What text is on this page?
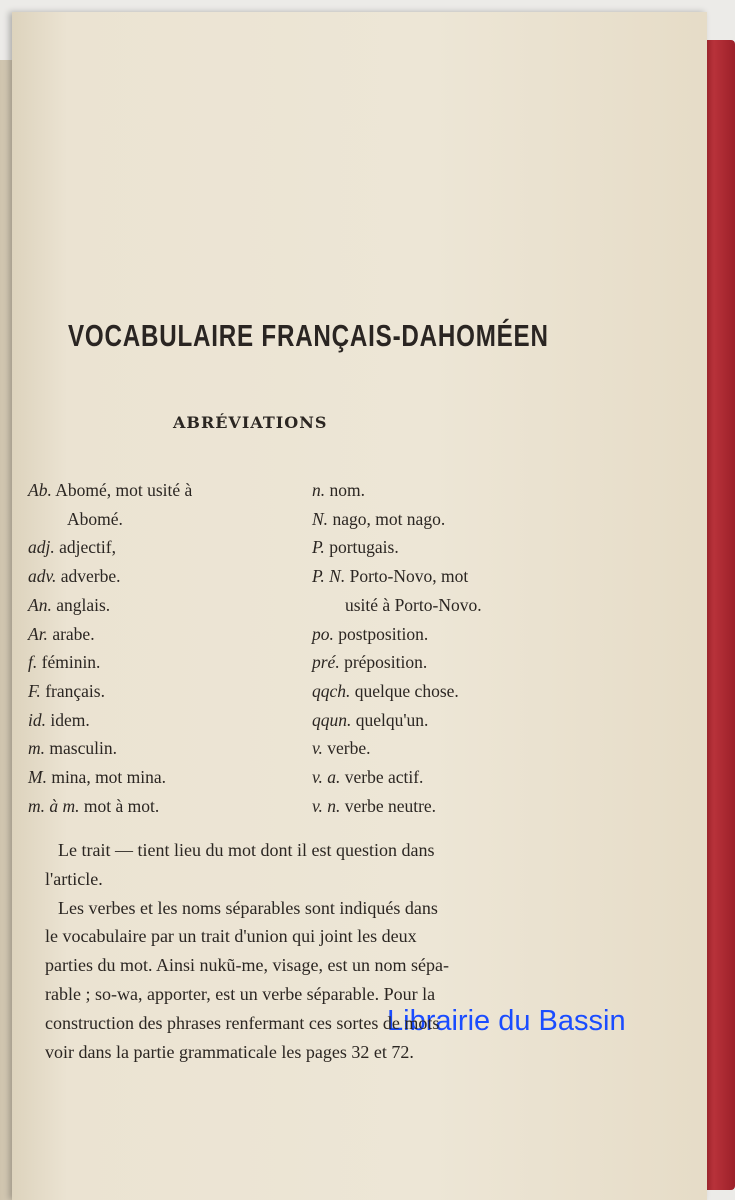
VOCABULAIRE FRANÇAIS-DAHOMÉEN
ABRÉVIATIONS
Librairie du Bassin
Ab. Abomé, mot usité à
Abomé.
adj. adjectif,
adv. adverbe.
An. anglais.
Ar. arabe.
f. féminin.
F. français.
id. idem.
m. masculin.
M. mina, mot mina.
m. à m. mot à mot.
n. nom.
N. nago, mot nago.
P. portugais.
P. N. Porto-Novo, mot
usité à Porto-Novo.
po. postposition.
pré. préposition.
qqch. quelque chose.
qqun. quelqu'un.
v. verbe.
v. a. verbe actif.
v. n. verbe neutre.
Le trait — tient lieu du mot dont il est question dans
l'article.
Les verbes et les noms séparables sont indiqués dans
le vocabulaire par un trait d'union qui joint les deux
parties du mot. Ainsi nukũ-me, visage, est un nom sépa-
rable ; so-wa, apporter, est un verbe séparable. Pour la
construction des phrases renfermant ces sortes de mots
voir dans la partie grammaticale les pages 32 et 72.
